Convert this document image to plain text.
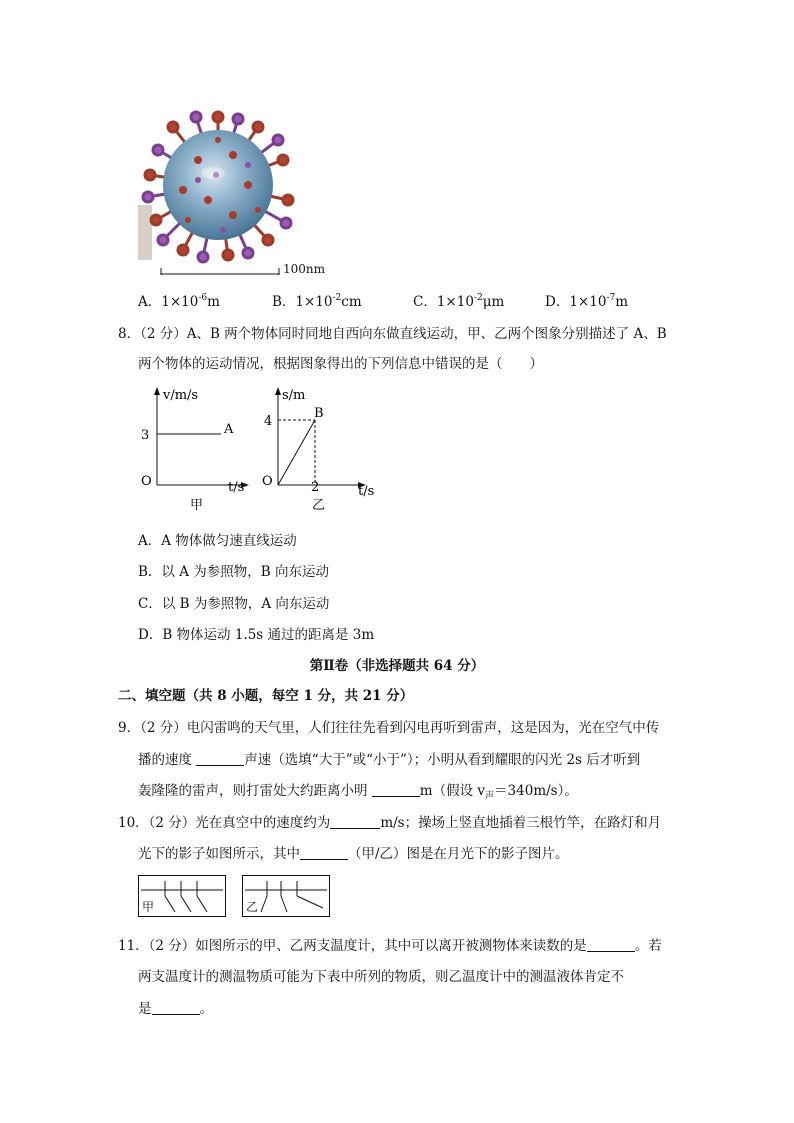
100nm
A．$1\times 10^{-6}m$	B．$1\times 10^{-2}cm$	C．$1\times 10^{-2}\mu m$	D．$1\times 10^{-7}m$
8．（2 分）A、B 两个物体同时同地自西向东做直线运动，甲、乙两个图象分别描述了 A、B
两个物体的运动情况，根据图象得出的下列信息中错误的是（　　）
v/m/s
3	A
O	t/s
甲
s/m
4
B
O	2	t/s
乙
A．A 物体做匀速直线运动
B．以 A 为参照物，B 向东运动
C．以 B 为参照物，A 向东运动
D．B 物体运动 1.5s 通过的距离是 3m
第Ⅱ卷（非选择题共 64 分）
二、填空题（共 8 小题，每空 1 分，共 21 分）
9．（2 分）电闪雷鸣的天气里，人们往往先看到闪电再听到雷声，这是因为，光在空气中传
播的速度	声速（选填“大于”或“小于”）；小明从看到耀眼的闪光 2s 后才听到
轰隆隆的雷声，则打雷处大约距离小明	m（假设 $v_声=340m/s$）。
10．（2 分）光在真空中的速度约为	m/s；操场上竖直地插着三根竹竿，在路灯和月
光下的影子如图所示，其中	（甲/乙）图是在月光下的影子图片。
甲	乙
11．（2 分）如图所示的甲、乙两支温度计，其中可以离开被测物体来读数的是	。若
两支温度计的测温物质可能为下表中所列的物质，则乙温度计中的测温液体肯定不
是	。
